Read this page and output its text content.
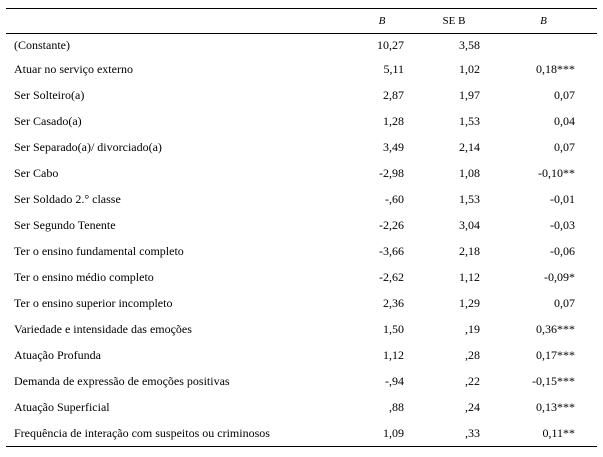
	B	SE B	B
(Constante)	10,27	3,58	
Atuar no serviço externo	5,11	1,02	0,18***
Ser Solteiro(a)	2,87	1,97	0,07
Ser Casado(a)	1,28	1,53	0,04
Ser Separado(a)/ divorciado(a)	3,49	2,14	0,07
Ser Cabo	-2,98	1,08	-0,10**
Ser Soldado 2.° classe	-,60	1,53	-0,01
Ser Segundo Tenente	-2,26	3,04	-0,03
Ter o ensino fundamental completo	-3,66	2,18	-0,06
Ter o ensino médio completo	-2,62	1,12	-0,09*
Ter o ensino superior incompleto	2,36	1,29	0,07
Variedade e intensidade das emoções	1,50	,19	0,36***
Atuação Profunda	1,12	,28	0,17***
Demanda de expressão de emoções positivas	-,94	,22	-0,15***
Atuação Superficial	,88	,24	0,13***
Frequência de interação com suspeitos ou criminosos	1,09	,33	0,11**
